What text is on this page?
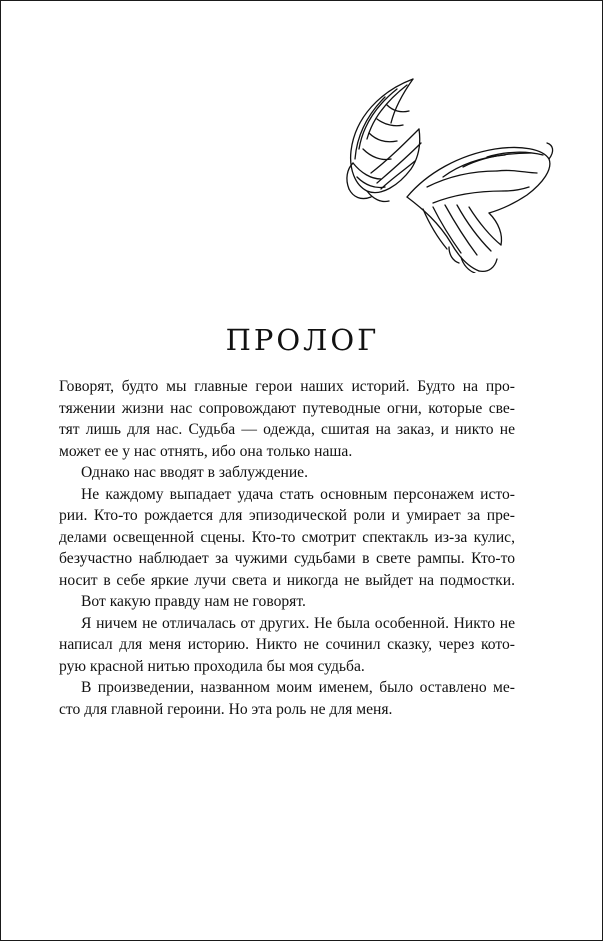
ПРОЛОГ
Говорят, будто мы главные герои наших историй. Будто на про-
тяжении жизни нас сопровождают путеводные огни, которые све-
тят лишь для нас. Судьба — одежда, сшитая на заказ, и никто не
может ее у нас отнять, ибо она только наша.
Однако нас вводят в заблуждение.
Не каждому выпадает удача стать основным персонажем исто-
рии. Кто-то рождается для эпизодической роли и умирает за пре-
делами освещенной сцены. Кто-то смотрит спектакль из-за кулис,
безучастно наблюдает за чужими судьбами в свете рампы. Кто-то
носит в себе яркие лучи света и никогда не выйдет на подмостки.
Вот какую правду нам не говорят.
Я ничем не отличалась от других. Не была особенной. Никто не
написал для меня историю. Никто не сочинил сказку, через кото-
рую красной нитью проходила бы моя судьба.
В произведении, названном моим именем, было оставлено ме-
сто для главной героини. Но эта роль не для меня.
